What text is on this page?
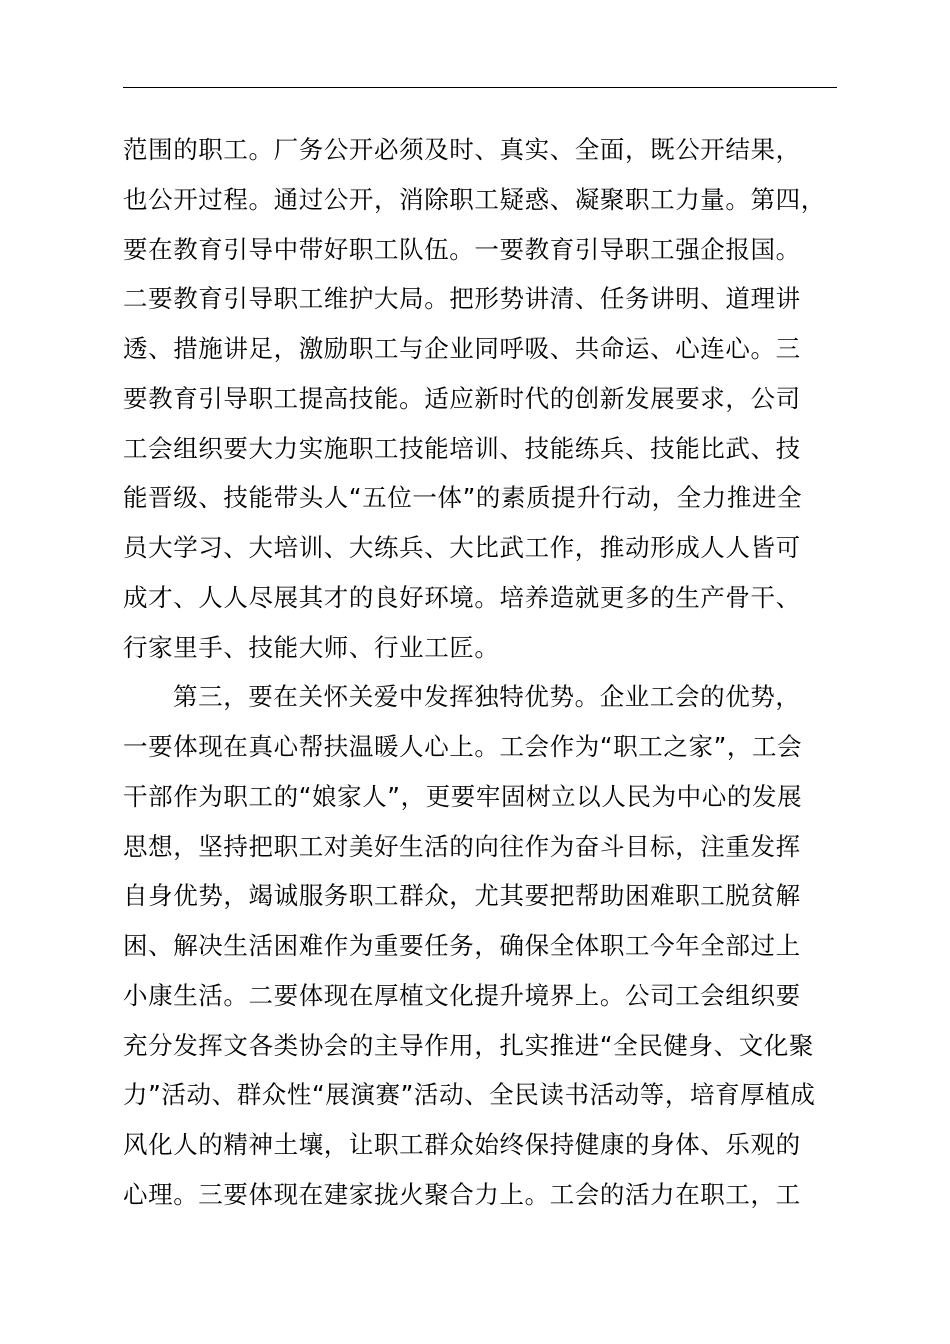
范围的职工。厂务公开必须及时、真实、全面，既公开结果，
也公开过程。通过公开，消除职工疑惑、凝聚职工力量。第四，
要在教育引导中带好职工队伍。一要教育引导职工强企报国。
二要教育引导职工维护大局。把形势讲清、任务讲明、道理讲
透、措施讲足，激励职工与企业同呼吸、共命运、心连心。三
要教育引导职工提高技能。适应新时代的创新发展要求，公司
工会组织要大力实施职工技能培训、技能练兵、技能比武、技
能晋级、技能带头人“五位一体”的素质提升行动，全力推进全
员大学习、大培训、大练兵、大比武工作，推动形成人人皆可
成才、人人尽展其才的良好环境。培养造就更多的生产骨干、
行家里手、技能大师、行业工匠。
第三，要在关怀关爱中发挥独特优势。企业工会的优势，
一要体现在真心帮扶温暖人心上。工会作为“职工之家”，工会
干部作为职工的“娘家人”，更要牢固树立以人民为中心的发展
思想，坚持把职工对美好生活的向往作为奋斗目标，注重发挥
自身优势，竭诚服务职工群众，尤其要把帮助困难职工脱贫解
困、解决生活困难作为重要任务，确保全体职工今年全部过上
小康生活。二要体现在厚植文化提升境界上。公司工会组织要
充分发挥文各类协会的主导作用，扎实推进“全民健身、文化聚
力”活动、群众性“展演赛”活动、全民读书活动等，培育厚植成
风化人的精神土壤，让职工群众始终保持健康的身体、乐观的
心理。三要体现在建家拢火聚合力上。工会的活力在职工，工
